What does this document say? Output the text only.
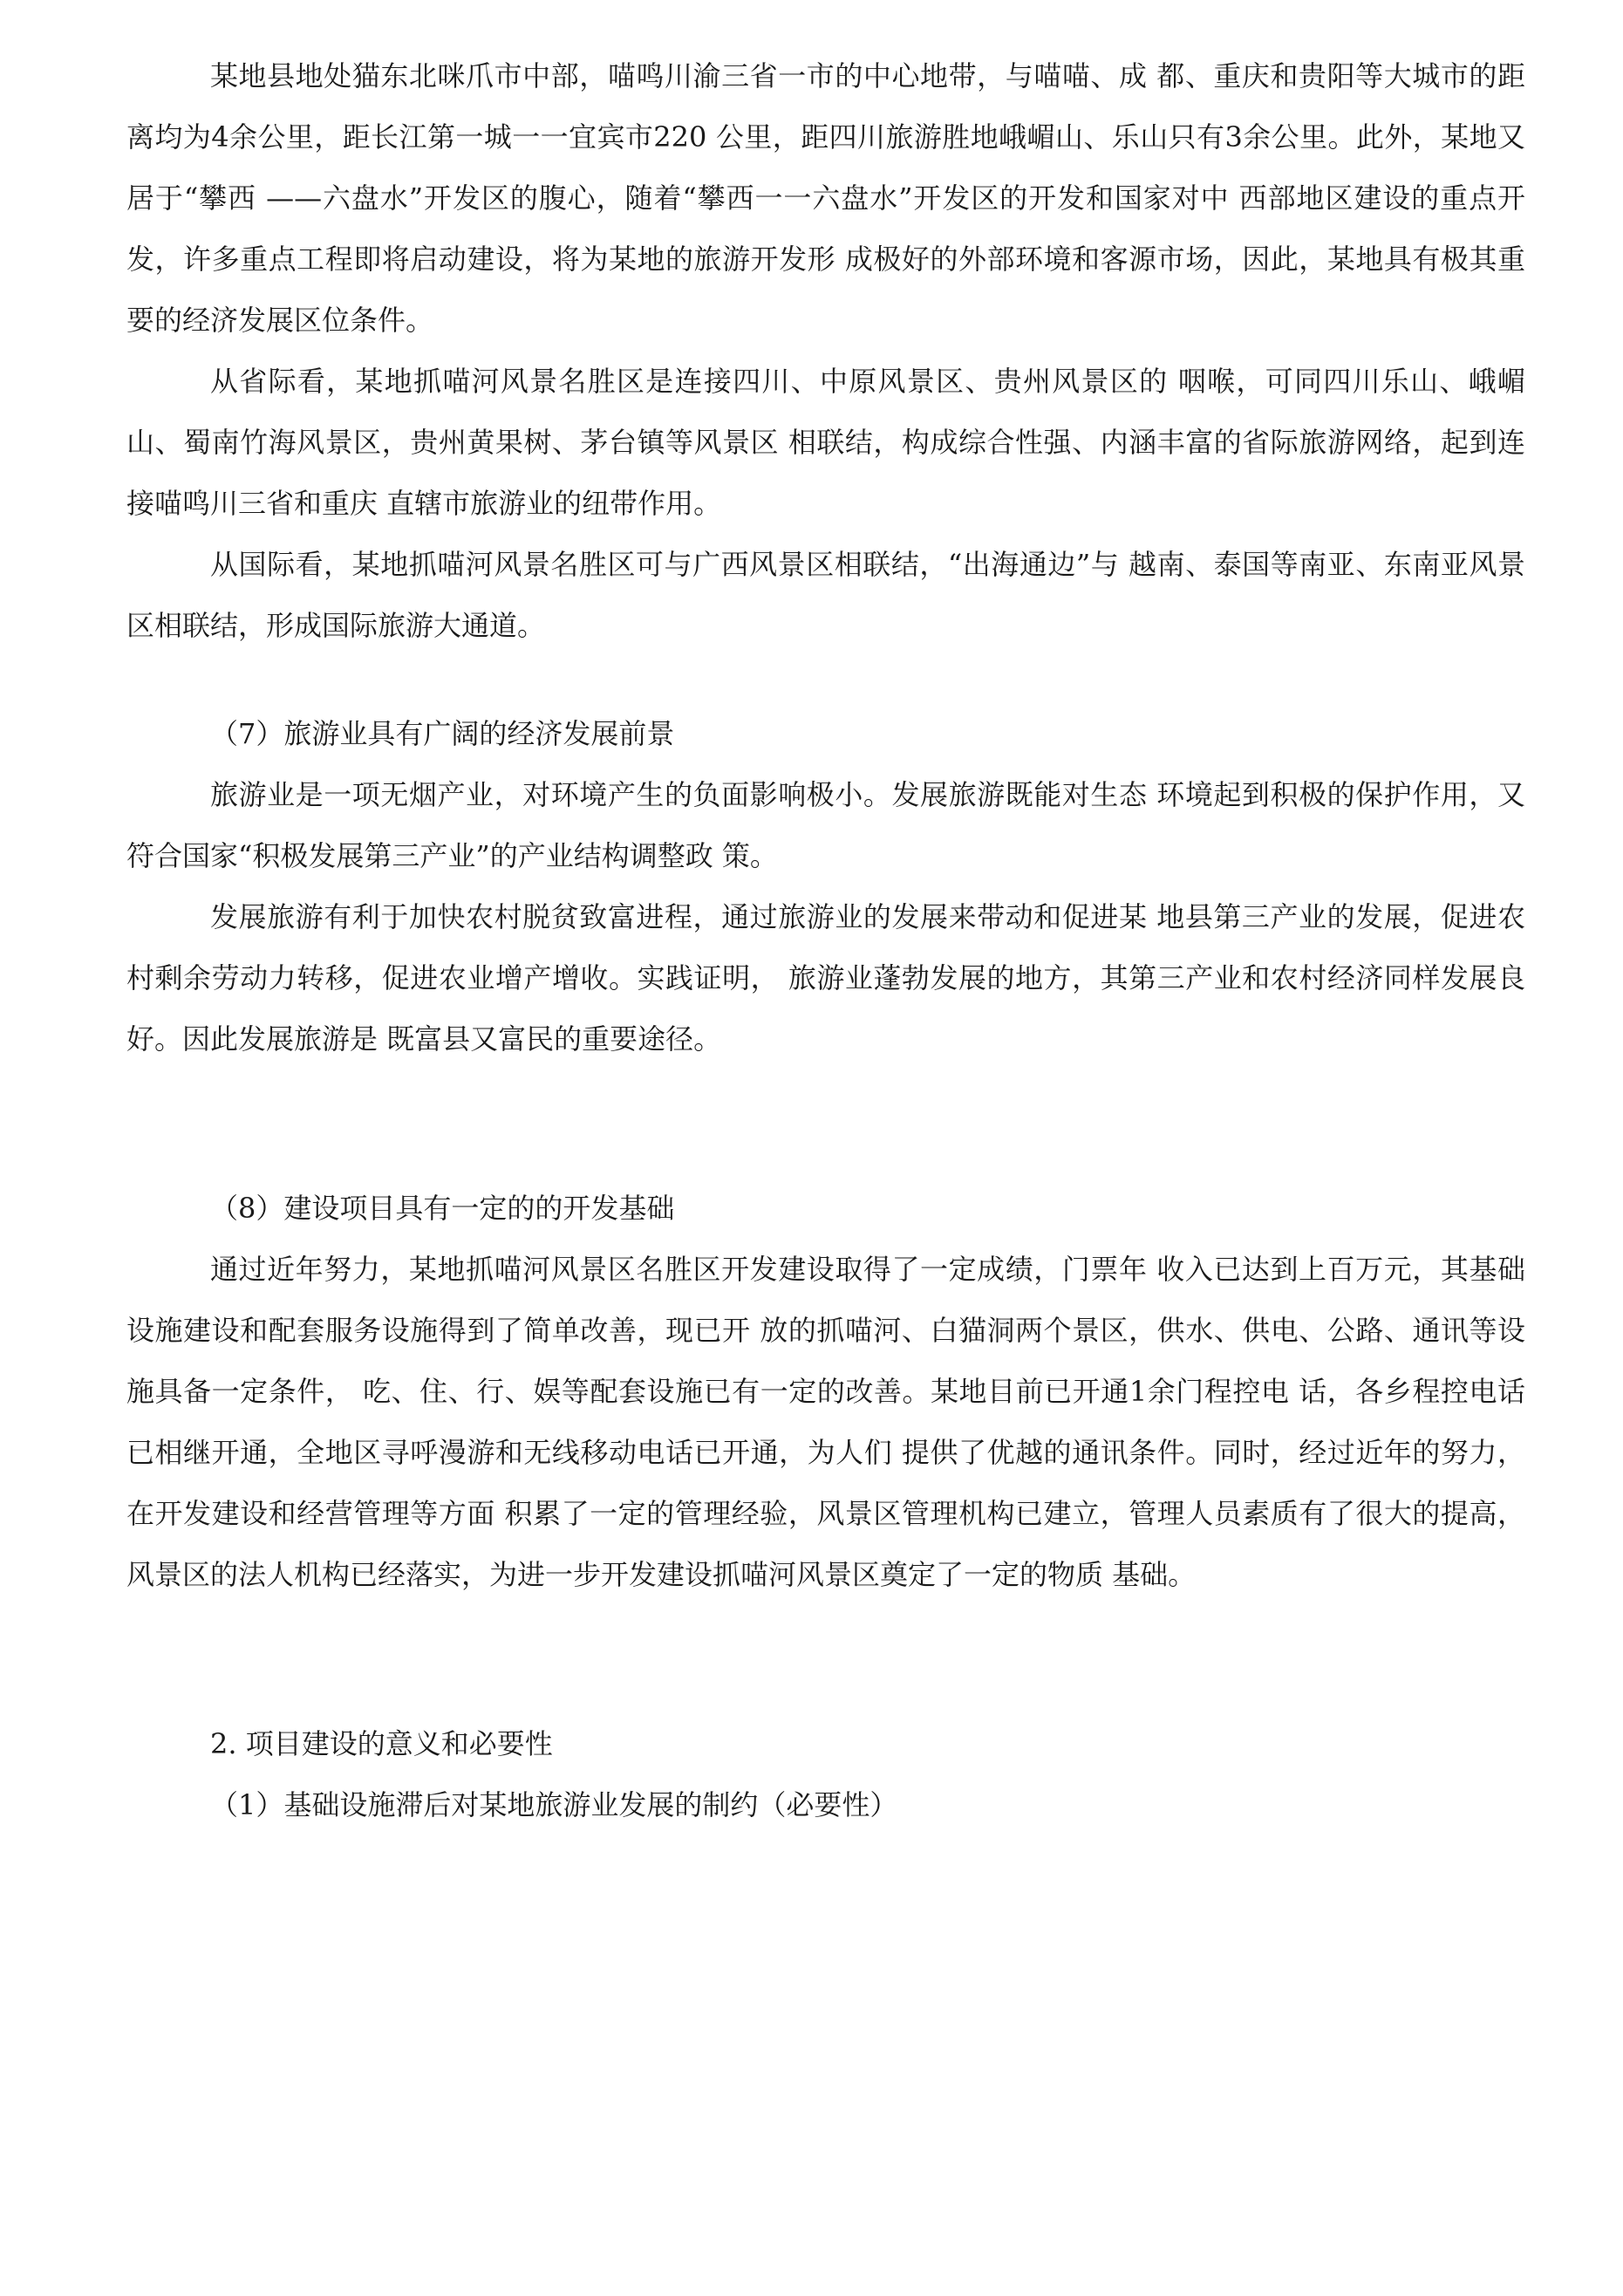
某地县地处猫东北咪爪市中部，喵鸣川渝三省一市的中心地带，与喵喵、成 都、重庆和贵阳等大城市的距离均为4余公里，距长江第一城一一宜宾市220 公里，距四川旅游胜地峨嵋山、乐山只有3余公里。此外，某地又居于“攀西 ——六盘水”开发区的腹心，随着“攀西一一六盘水”开发区的开发和国家对中 西部地区建设的重点开发，许多重点工程即将启动建设，将为某地的旅游开发形 成极好的外部环境和客源市场，因此，某地具有极其重要的经济发展区位条件。

从省际看，某地抓喵河风景名胜区是连接四川、中原风景区、贵州风景区的 咽喉，可同四川乐山、峨嵋山、蜀南竹海风景区，贵州黄果树、茅台镇等风景区 相联结，构成综合性强、内涵丰富的省际旅游网络，起到连接喵鸣川三省和重庆 直辖市旅游业的纽带作用。

从国际看，某地抓喵河风景名胜区可与广西风景区相联结，“出海通边”与 越南、泰国等南亚、东南亚风景区相联结，形成国际旅游大通道。

（7）旅游业具有广阔的经济发展前景

旅游业是一项无烟产业，对环境产生的负面影响极小。发展旅游既能对生态 环境起到积极的保护作用，又符合国家“积极发展第三产业”的产业结构调整政 策。

发展旅游有利于加快农村脱贫致富进程，通过旅游业的发展来带动和促进某 地县第三产业的发展，促进农村剩余劳动力转移，促进农业增产增收。实践证明， 旅游业蓬勃发展的地方，其第三产业和农村经济同样发展良好。因此发展旅游是 既富县又富民的重要途径。

（8）建设项目具有一定的的开发基础

通过近年努力，某地抓喵河风景区名胜区开发建设取得了一定成绩，门票年 收入已达到上百万元，其基础设施建设和配套服务设施得到了简单改善，现已开 放的抓喵河、白猫洞两个景区，供水、供电、公路、通讯等设施具备一定条件， 吃、住、行、娱等配套设施已有一定的改善。某地目前已开通1余门程控电 话，各乡程控电话已相继开通，全地区寻呼漫游和无线移动电话已开通，为人们 提供了优越的通讯条件。同时，经过近年的努力，在开发建设和经营管理等方面 积累了一定的管理经验，风景区管理机构已建立，管理人员素质有了很大的提高， 风景区的法人机构已经落实，为进一步开发建设抓喵河风景区奠定了一定的物质 基础。

2. 项目建设的意义和必要性

（1）基础设施滞后对某地旅游业发展的制约（必要性）
